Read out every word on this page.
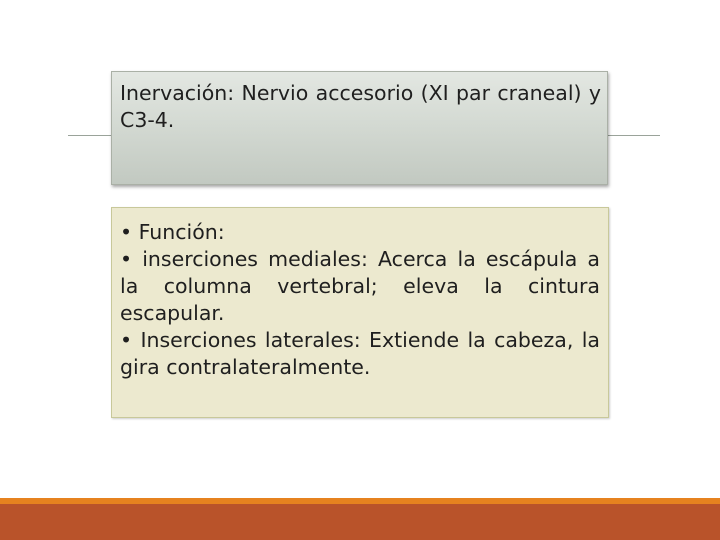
Inervación: Nervio accesorio (XI par craneal) y C3-4.

• Función:

• inserciones mediales: Acerca la escápula a la columna vertebral; eleva la cintura escapular.

• Inserciones laterales: Extiende la cabeza, la gira contralateralmente.
